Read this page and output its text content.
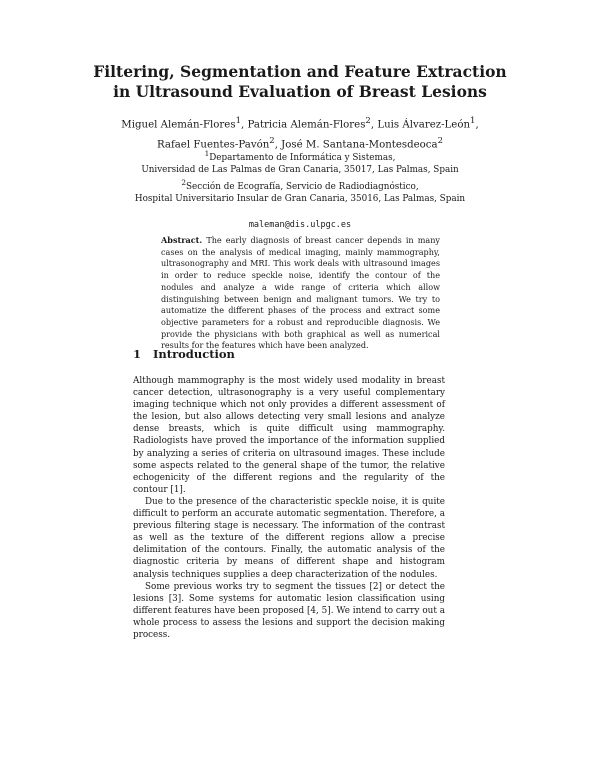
Filtering, Segmentation and Feature Extraction
in Ultrasound Evaluation of Breast Lesions
Miguel Alemán-Flores$^1$, Patricia Alemán-Flores$^2$, Luis Álvarez-León$^1$,
Rafael Fuentes-Pavón$^2$, José M. Santana-Montesdeoca$^2$
$^1$Departamento de Informática y Sistemas,
Universidad de Las Palmas de Gran Canaria, 35017, Las Palmas, Spain
$^2$Sección de Ecografía, Servicio de Radiodiagnóstico,
Hospital Universitario Insular de Gran Canaria, 35016, Las Palmas, Spain
maleman@dis.ulpgc.es
Abstract. The early diagnosis of breast cancer depends in many cases on the analysis of medical imaging, mainly mammography, ultrasonography and MRI. This work deals with ultrasound images in order to reduce speckle noise, identify the contour of the nodules and analyze a wide range of criteria which allow distinguishing between benign and malignant tumors. We try to automatize the different phases of the process and extract some objective parameters for a robust and reproducible diagnosis. We provide the physicians with both graphical as well as numerical results for the features which have been analyzed.
1 Introduction

Although mammography is the most widely used modality in breast cancer detection, ultrasonography is a very useful complementary imaging technique which not only provides a different assessment of the lesion, but also allows detecting very small lesions and analyze dense breasts, which is quite difficult using mammography. Radiologists have proved the importance of the information supplied by analyzing a series of criteria on ultrasound images. These include some aspects related to the general shape of the tumor, the relative echogenicity of the different regions and the regularity of the contour [1].

Due to the presence of the characteristic speckle noise, it is quite difficult to perform an accurate automatic segmentation. Therefore, a previous filtering stage is necessary. The information of the contrast as well as the texture of the different regions allow a precise delimitation of the contours. Finally, the automatic analysis of the diagnostic criteria by means of different shape and histogram analysis techniques supplies a deep characterization of the nodules.

Some previous works try to segment the tissues [2] or detect the lesions [3]. Some systems for automatic lesion classification using different features have been proposed [4, 5]. We intend to carry out a whole process to assess the lesions and support the decision making process.
